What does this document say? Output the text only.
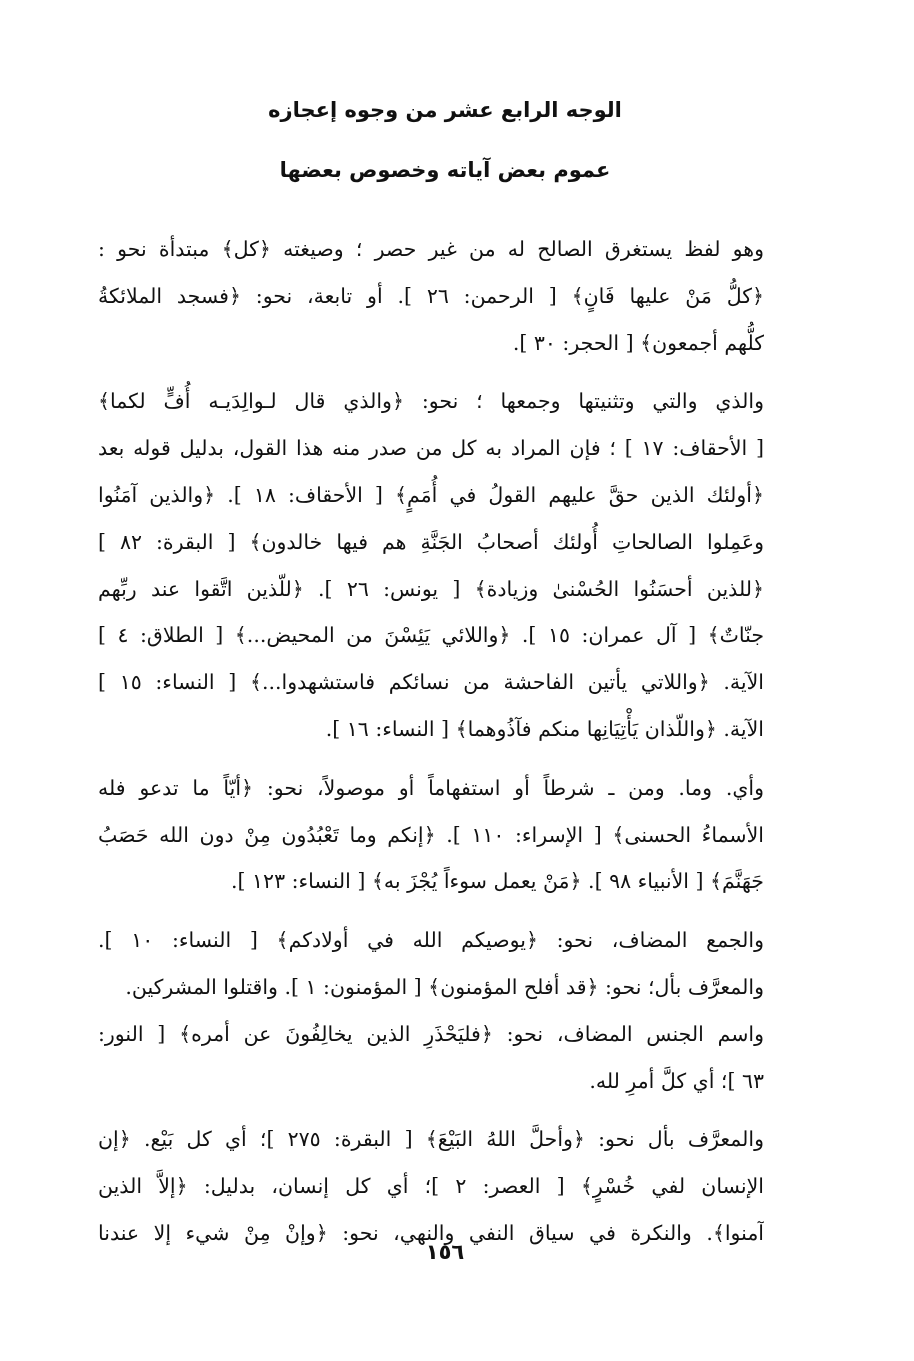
الوجه الرابع عشر من وجوه إعجازه
عموم بعض آياته وخصوص بعضها
وهو لفظ يستغرق الصالح له من غير حصر ؛ وصيغته ﴿كل﴾ مبتدأة نحو :
﴿كلُّ مَنْ عليها فَانٍ﴾ [ الرحمن: ٢٦ ]. أو تابعة، نحو: ﴿فسجد الملائكةُ
كلُّهم أجمعون﴾ [ الحجر: ٣٠ ].
والذي والتي وتثنيتها وجمعها ؛ نحو: ﴿والذي قال لـوالِدَيـه أُفٍّ لكما﴾
[ الأحقاف: ١٧ ] ؛ فإن المراد به كل من صدر منه هذا القول، بدليل قوله بعد
﴿أولئك الذين حقَّ عليهم القولُ في أُمَمٍ﴾ [ الأحقاف: ١٨ ]. ﴿والذين آمَنُوا
وعَمِلوا الصالحاتِ أُولئك أصحابُ الجَنَّةِ هم فيها خالدون﴾ [ البقرة: ٨٢ ]
﴿للذين أحسَنُوا الحُسْنىٰ وزيادة﴾ [ يونس: ٢٦ ]. ﴿للّذين اتَّقوا عند ربِّهم
جنّاتٌ﴾ [ آل عمران: ١٥ ]. ﴿واللائي يَئِسْنَ من المحيض...﴾ [ الطلاق: ٤ ]
الآية. ﴿واللاتي يأتين الفاحشة من نسائكم فاستشهدوا...﴾ [ النساء: ١٥ ]
الآية. ﴿واللّذان يَأْتِيَانِها منكم فآذُوهما﴾ [ النساء: ١٦ ].
وأي. وما. ومن ـ شرطاً أو استفهاماً أو موصولاً، نحو: ﴿أيّاً ما تدعو فله
الأسماءُ الحسنى﴾ [ الإسراء: ١١٠ ]. ﴿إنكم وما تَعْبُدُون مِنْ دون الله حَصَبُ
جَهَنَّمَ﴾ [ الأنبياء ٩٨ ]. ﴿مَنْ يعمل سوءاً يُجْزَ به﴾ [ النساء: ١٢٣ ].
والجمع المضاف، نحو: ﴿يوصيكم الله في أولادكم﴾ [ النساء: ١٠ ].
والمعرَّف بأل؛ نحو: ﴿قد أفلح المؤمنون﴾ [ المؤمنون: ١ ]. واقتلوا المشركين.
واسم الجنس المضاف، نحو: ﴿فليَحْذَرِ الذين يخالِفُونَ عن أمره﴾ [ النور:
٦٣ ]؛ أي كلَّ أمرِ لله.
والمعرَّف بأل نحو: ﴿وأحلَّ اللهُ البَيْعَ﴾ [ البقرة: ٢٧٥ ]؛ أي كل بَيْع. ﴿إن
الإنسان لفي خُسْرٍ﴾ [ العصر: ٢ ]؛ أي كل إنسان، بدليل: ﴿إلاَّ الذين
آمنوا﴾. والنكرة في سياق النفي والنهي، نحو: ﴿وإنْ مِنْ شيء إلا عندنا
١٥٦
